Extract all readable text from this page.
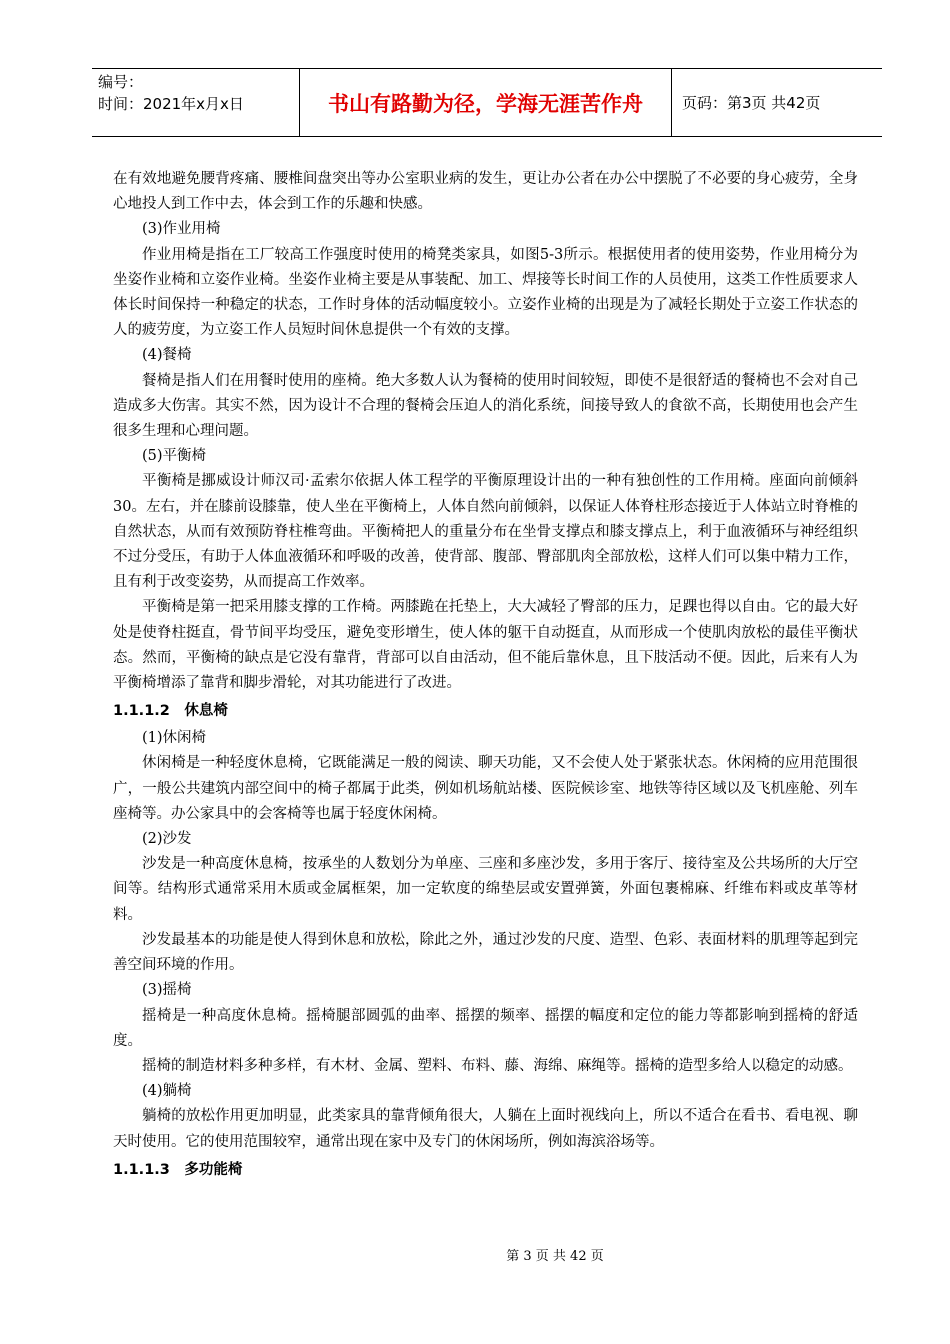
编号：
时间：2021年x月x日	书山有路勤为径，学海无涯苦作舟	页码：第3页 共42页

在有效地避免腰背疼痛、腰椎间盘突出等办公室职业病的发生，更让办公者在办公中摆脱了不必要的身心疲劳，全身心地投人到工作中去，体会到工作的乐趣和快感。

(3)作业用椅

作业用椅是指在工厂较高工作强度时使用的椅凳类家具，如图5-3所示。根据使用者的使用姿势，作业用椅分为坐姿作业椅和立姿作业椅。坐姿作业椅主要是从事装配、加工、焊接等长时间工作的人员使用，这类工作性质要求人体长时间保持一种稳定的状态，工作时身体的活动幅度较小。立姿作业椅的出现是为了减轻长期处于立姿工作状态的人的疲劳度，为立姿工作人员短时间休息提供一个有效的支撑。

(4)餐椅

餐椅是指人们在用餐时使用的座椅。绝大多数人认为餐椅的使用时间较短，即使不是很舒适的餐椅也不会对自己造成多大伤害。其实不然，因为设计不合理的餐椅会压迫人的消化系统，间接导致人的食欲不高，长期使用也会产生很多生理和心理问题。

(5)平衡椅

平衡椅是挪威设计师汉司·孟索尔依据人体工程学的平衡原理设计出的一种有独创性的工作用椅。座面向前倾斜30。左右，并在膝前设膝靠，使人坐在平衡椅上，人体自然向前倾斜，以保证人体脊柱形态接近于人体站立时脊椎的自然状态，从而有效预防脊柱椎弯曲。平衡椅把人的重量分布在坐骨支撑点和膝支撑点上，利于血液循环与神经组织不过分受压，有助于人体血液循环和呼吸的改善，使背部、腹部、臀部肌肉全部放松，这样人们可以集中精力工作，且有利于改变姿势，从而提高工作效率。

平衡椅是第一把采用膝支撑的工作椅。两膝跪在托垫上，大大减轻了臀部的压力，足踝也得以自由。它的最大好处是使脊柱挺直，骨节间平均受压，避免变形增生，使人体的躯干自动挺直，从而形成一个使肌肉放松的最佳平衡状态。然而，平衡椅的缺点是它没有靠背，背部可以自由活动，但不能后靠休息，且下肢活动不便。因此，后来有人为平衡椅增添了靠背和脚步滑轮，对其功能进行了改进。

1.1.1.2　休息椅

(1)休闲椅

休闲椅是一种轻度休息椅，它既能满足一般的阅读、聊天功能，又不会使人处于紧张状态。休闲椅的应用范围很广，一般公共建筑内部空间中的椅子都属于此类，例如机场航站楼、医院候诊室、地铁等待区域以及飞机座舱、列车座椅等。办公家具中的会客椅等也属于轻度休闲椅。

(2)沙发

沙发是一种高度休息椅，按承坐的人数划分为单座、三座和多座沙发，多用于客厅、接待室及公共场所的大厅空间等。结构形式通常采用木质或金属框架，加一定软度的绵垫层或安置弹簧，外面包裹棉麻、纤维布料或皮革等材料。

沙发最基本的功能是使人得到休息和放松，除此之外，通过沙发的尺度、造型、色彩、表面材料的肌理等起到完善空间环境的作用。

(3)摇椅

摇椅是一种高度休息椅。摇椅腿部圆弧的曲率、摇摆的频率、摇摆的幅度和定位的能力等都影响到摇椅的舒适度。

摇椅的制造材料多种多样，有木材、金属、塑料、布料、藤、海绵、麻绳等。摇椅的造型多给人以稳定的动感。

(4)躺椅

躺椅的放松作用更加明显，此类家具的靠背倾角很大，人躺在上面时视线向上，所以不适合在看书、看电视、聊天时使用。它的使用范围较窄，通常出现在家中及专门的休闲场所，例如海滨浴场等。

1.1.1.3　多功能椅

第 3 页 共 42 页
